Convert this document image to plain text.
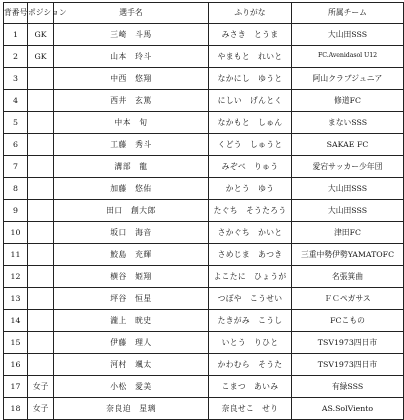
背番号	ポジション	選手名	ふりがな	所属チーム
1	GK	三崎　斗馬	みさき　とうま	大山田SSS
2	GK	山本　玲斗	やまもと　れいと	FC.Avenidasol U12
3		中西　悠翔	なかにし　ゆうと	阿山クラブジュニア
4		西井　玄篤	にしい　げんとく	修道FC
5		中本　旬	なかもと　しゅん	まないSSS
6		工藤　秀斗	くどう　しゅうと	SAKAE FC
7		溝部　龍	みぞべ　りゅう	愛宕サッカー少年団
8		加藤　悠佑	かとう　ゆう	大山田SSS
9		田口　創大郎	たぐち　そうたろう	大山田SSS
10		坂口　海音	さかぐち　かいと	津田FC
11		鮫島　充輝	さめじま　あつき	三重中勢伊勢YAMATOFC
12		横谷　姫翔	よこたに　ひょうが	名張箕曲
13		坪谷　恒星	つぼや　こうせい	ＦＣペガサス
14		瀧上　晄史	たきがみ　こうし	FCこもの
15		伊藤　理人	いとう　りひと	TSV1973四日市
16		河村　颯太	かわむら　そうた	TSV1973四日市
17	女子	小松　愛美	こまつ　あいみ	有緑SSS
18	女子	奈良迫　星璃	奈良せこ　せり	AS.SolViento
